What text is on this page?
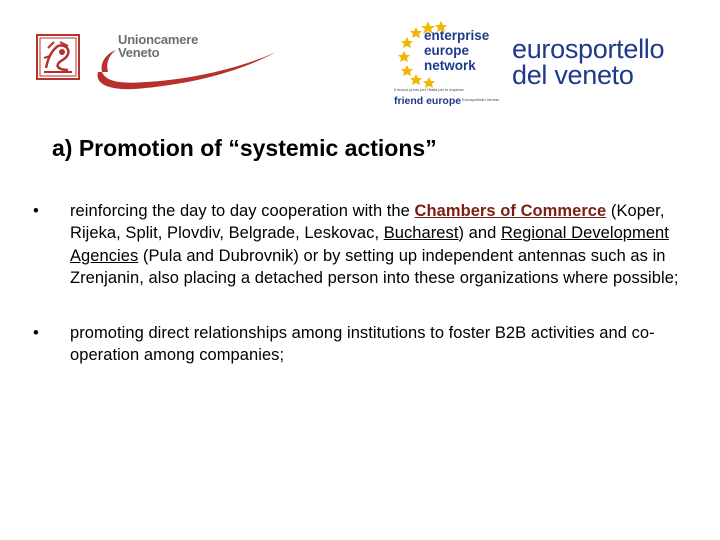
Unioncamere
Veneto
enterprise
europe
network
Il nuovo punto per l'Italia per le imprese
friend europe Eurosportello Veneto
eurosportello
del veneto
a) Promotion of “systemic actions”
• reinforcing the day to day cooperation with the Chambers of Commerce (Koper, Rijeka, Split, Plovdiv, Belgrade, Leskovac, Bucharest) and Regional Development Agencies (Pula and Dubrovnik) or by setting up independent antennas such as in Zrenjanin, also placing a detached person into these organizations where possible;
• promoting direct relationships among institutions to foster B2B activities and co-operation among companies;
